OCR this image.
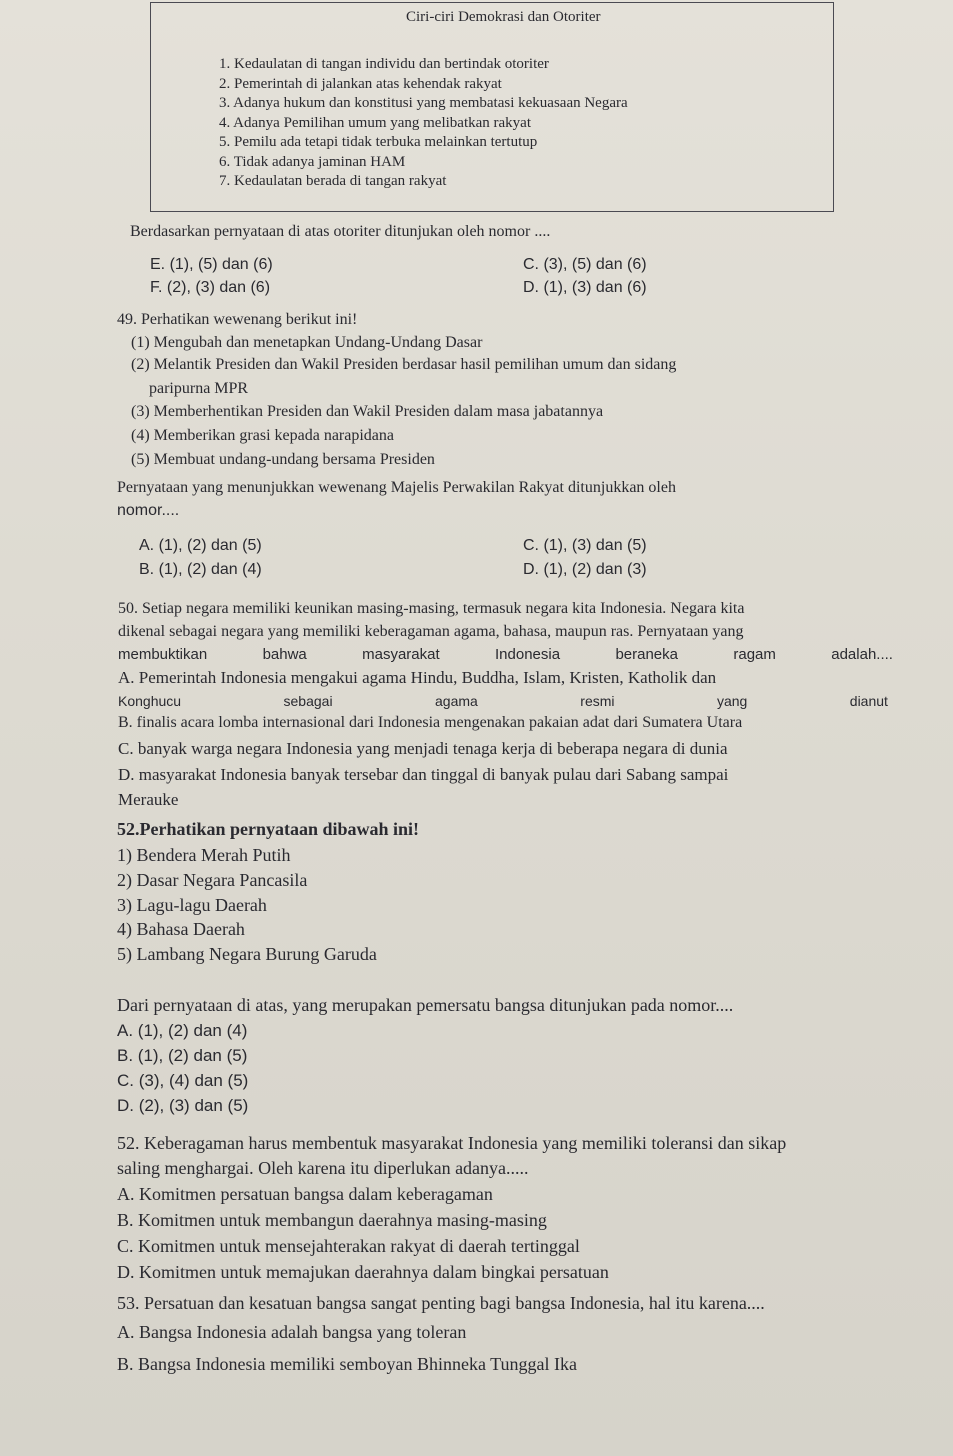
Ciri-ciri Demokrasi dan Otoriter
1. Kedaulatan di tangan individu dan bertindak otoriter
2. Pemerintah di jalankan atas kehendak rakyat
3. Adanya hukum dan konstitusi yang membatasi kekuasaan Negara
4. Adanya Pemilihan umum yang melibatkan rakyat
5. Pemilu ada tetapi tidak terbuka melainkan tertutup
6. Tidak adanya jaminan HAM
7. Kedaulatan berada di tangan rakyat
Berdasarkan pernyataan di atas otoriter ditunjukan oleh nomor ....
E. (1), (5) dan (6)	C. (3), (5) dan (6)
F. (2), (3) dan (6)	D. (1), (3) dan (6)
49. Perhatikan wewenang berikut ini!
(1) Mengubah dan menetapkan Undang-Undang Dasar
(2) Melantik Presiden dan Wakil Presiden berdasar hasil pemilihan umum dan sidang
paripurna MPR
(3) Memberhentikan Presiden dan Wakil Presiden dalam masa jabatannya
(4) Memberikan grasi kepada narapidana
(5) Membuat undang-undang bersama Presiden
Pernyataan yang menunjukkan wewenang Majelis Perwakilan Rakyat ditunjukkan oleh
nomor....
A. (1), (2) dan (5)	C. (1), (3) dan (5)
B. (1), (2) dan (4)	D. (1), (2) dan (3)
50. Setiap negara memiliki keunikan masing-masing, termasuk negara kita Indonesia. Negara kita
dikenal sebagai negara yang memiliki keberagaman agama, bahasa, maupun ras. Pernyataan yang
membuktikan	bahwa	masyarakat	Indonesia	beraneka	ragam	adalah....
A. Pemerintah Indonesia mengakui agama Hindu, Buddha, Islam, Kristen, Katholik dan
Konghucu	sebagai	agama	resmi	yang	dianut
B. finalis acara lomba internasional dari Indonesia mengenakan pakaian adat dari Sumatera Utara
C. banyak warga negara Indonesia yang menjadi tenaga kerja di beberapa negara di dunia
D. masyarakat Indonesia banyak tersebar dan tinggal di banyak pulau dari Sabang sampai
Merauke
52.Perhatikan pernyataan dibawah ini!
1) Bendera Merah Putih
2) Dasar Negara Pancasila
3) Lagu-lagu Daerah
4) Bahasa Daerah
5) Lambang Negara Burung Garuda
Dari pernyataan di atas, yang merupakan pemersatu bangsa ditunjukan pada nomor....
A. (1), (2) dan (4)
B. (1), (2) dan (5)
C. (3), (4) dan (5)
D. (2), (3) dan (5)
52. Keberagaman harus membentuk masyarakat Indonesia yang memiliki toleransi dan sikap
saling menghargai. Oleh karena itu diperlukan adanya.....
A. Komitmen persatuan bangsa dalam keberagaman
B. Komitmen untuk membangun daerahnya masing-masing
C. Komitmen untuk mensejahterakan rakyat di daerah tertinggal
D. Komitmen untuk memajukan daerahnya dalam bingkai persatuan
53. Persatuan dan kesatuan bangsa sangat penting bagi bangsa Indonesia, hal itu karena....
A. Bangsa Indonesia adalah bangsa yang toleran
B. Bangsa Indonesia memiliki semboyan Bhinneka Tunggal Ika
